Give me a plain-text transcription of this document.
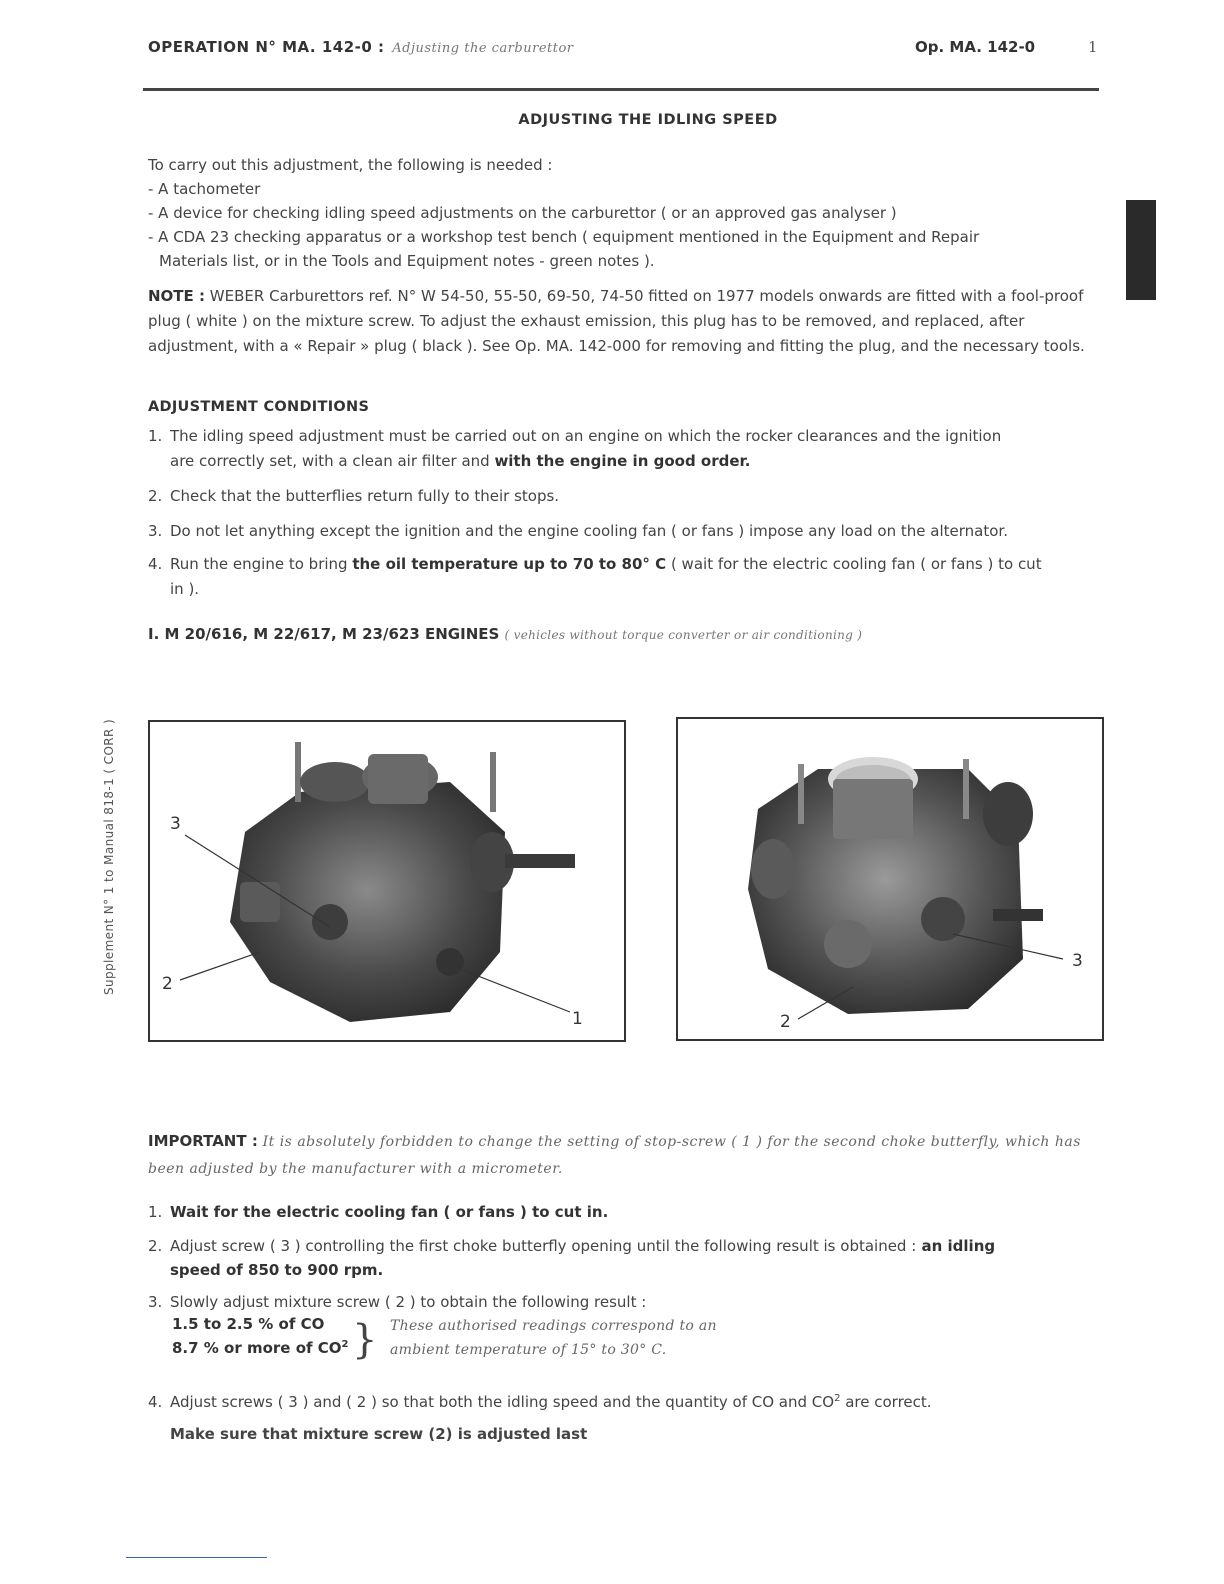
OPERATION N° MA. 142-0 : Adjusting the carburettor	Op. MA. 142-0	1
Supplement N° 1 to Manual 818-1 ( CORR )
ADJUSTING THE IDLING SPEED
To carry out this adjustment, the following is needed :
- A tachometer
- A device for checking idling speed adjustments on the carburettor ( or an approved gas analyser )
- A CDA 23 checking apparatus or a workshop test bench ( equipment mentioned in the Equipment and Repair
Materials list, or in the Tools and Equipment notes - green notes ).
NOTE : WEBER Carburettors ref. N° W 54-50, 55-50, 69-50, 74-50 fitted on 1977 models onwards are fitted with a fool-proof plug ( white ) on the mixture screw. To adjust the exhaust emission, this plug has to be removed, and replaced, after adjustment, with a « Repair » plug ( black ). See Op. MA. 142-000 for removing and fitting the plug, and the necessary tools.
ADJUSTMENT CONDITIONS
1. The idling speed adjustment must be carried out on an engine on which the rocker clearances and the ignition
are correctly set, with a clean air filter and with the engine in good order.
2. Check that the butterflies return fully to their stops.
3. Do not let anything except the ignition and the engine cooling fan ( or fans ) impose any load on the alternator.
4. Run the engine to bring the oil temperature up to 70 to 80° C ( wait for the electric cooling fan ( or fans ) to cut
in ).
I. M 20/616, M 22/617, M 23/623 ENGINES ( vehicles without torque converter or air conditioning )
3
2
1
3
2
IMPORTANT : It is absolutely forbidden to change the setting of stop-screw ( 1 ) for the second choke butterfly, which has been adjusted by the manufacturer with a micrometer.
1. Wait for the electric cooling fan ( or fans ) to cut in.
2. Adjust screw ( 3 ) controlling the first choke butterfly opening until the following result is obtained : an idling
speed of 850 to 900 rpm.
3. Slowly adjust mixture screw ( 2 ) to obtain the following result :
1.5 to 2.5 % of CO
8.7 % or more of $CO^2$ } These authorised readings correspond to an
ambient temperature of 15° to 30° C.
4. Adjust screws ( 3 ) and ( 2 ) so that both the idling speed and the quantity of CO and $CO^2$ are correct.
Make sure that mixture screw (2) is adjusted last
